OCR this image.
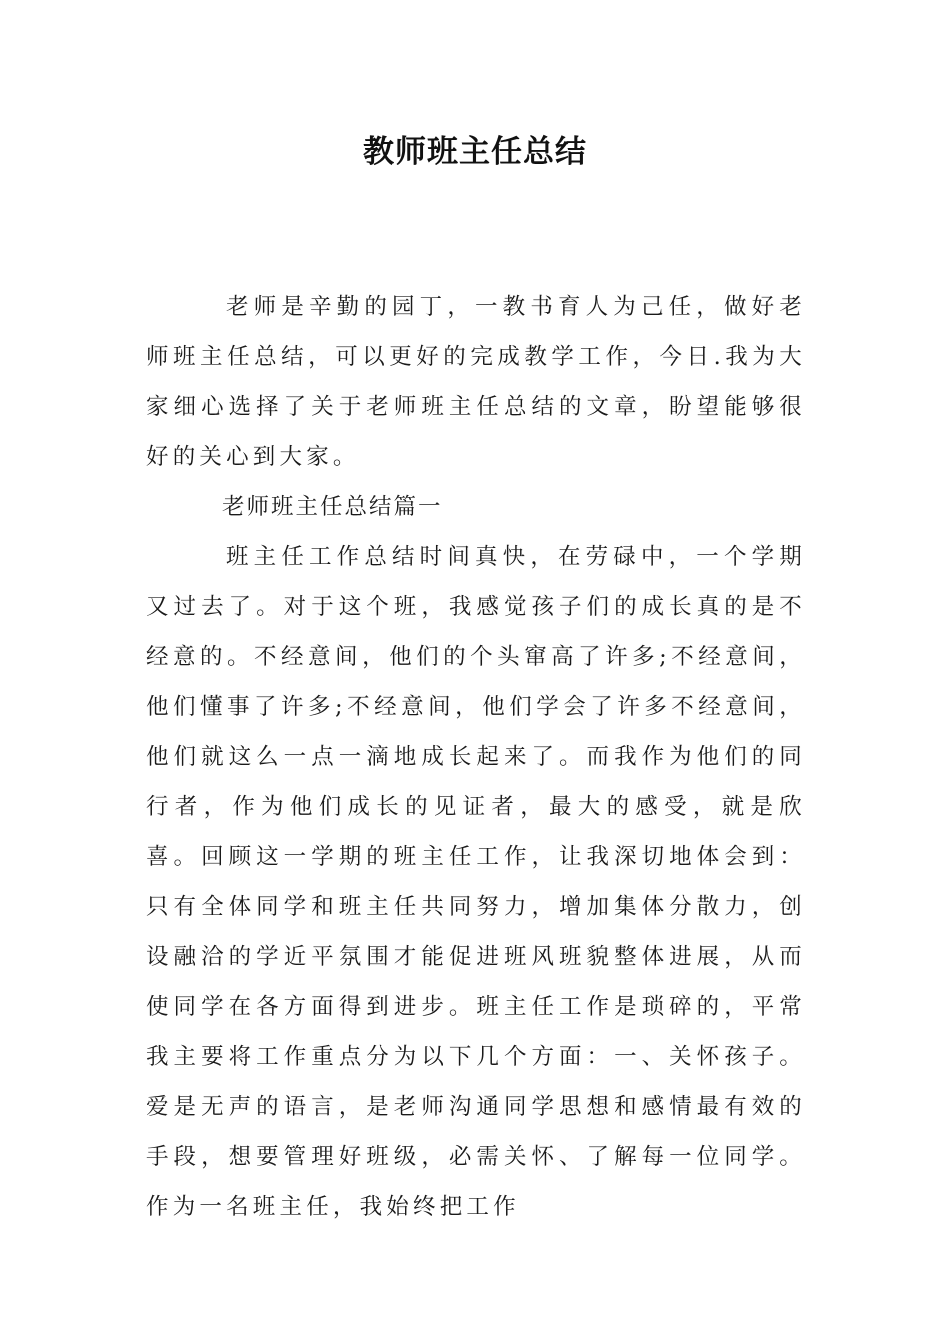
教师班主任总结

老师是辛勤的园丁，一教书育人为己任，做好老师班主任总结，可以更好的完成教学工作，今日.我为大家细心选择了关于老师班主任总结的文章，盼望能够很好的关心到大家。

老师班主任总结篇一

班主任工作总结时间真快，在劳碌中，一个学期又过去了。对于这个班，我感觉孩子们的成长真的是不经意的。不经意间，他们的个头窜高了许多;不经意间，他们懂事了许多;不经意间，他们学会了许多不经意间，他们就这么一点一滴地成长起来了。而我作为他们的同行者，作为他们成长的见证者，最大的感受，就是欣喜。回顾这一学期的班主任工作，让我深切地体会到：只有全体同学和班主任共同努力，增加集体分散力，创设融洽的学近平氛围才能促进班风班貌整体进展，从而使同学在各方面得到进步。班主任工作是琐碎的，平常我主要将工作重点分为以下几个方面：一、关怀孩子。爱是无声的语言，是老师沟通同学思想和感情最有效的手段，想要管理好班级，必需关怀、了解每一位同学。作为一名班主任，我始终把工作
